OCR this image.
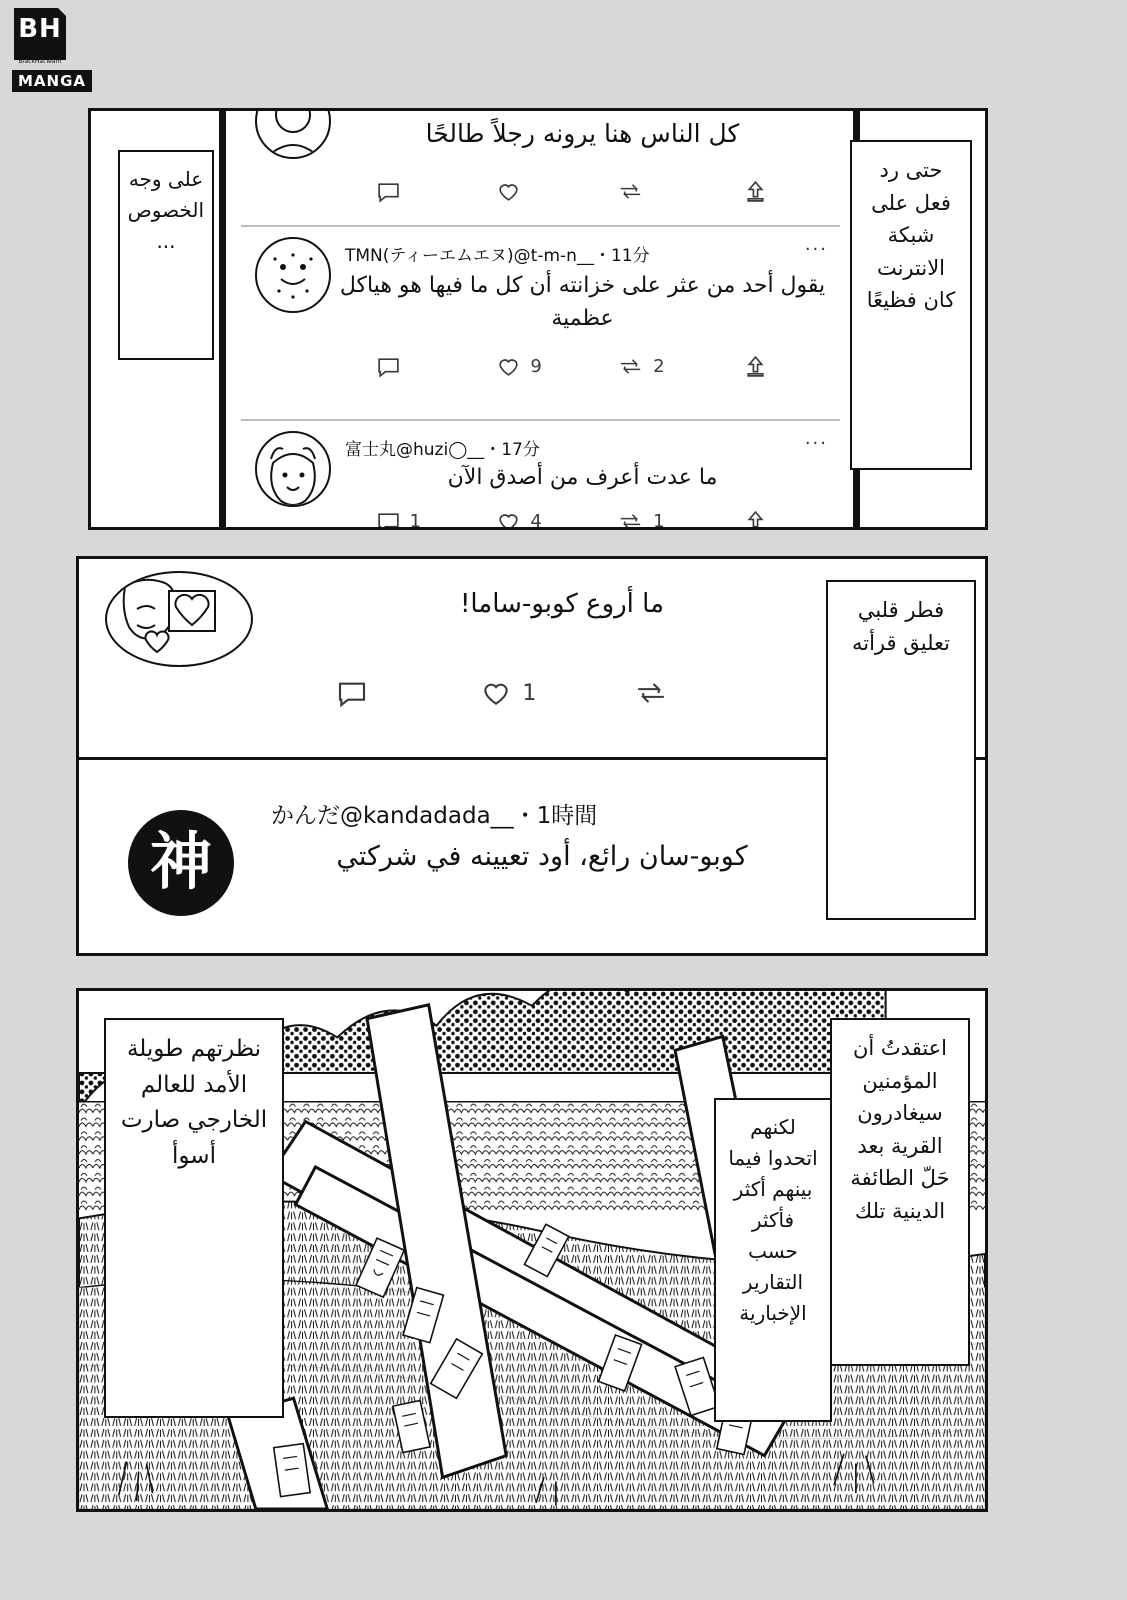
BH
BlackHatTeam
MANGA
كل الناس هنا يرونه رجلاً طالحًا
TMN(ティーエムエヌ)@t-m-n__・11分	···
يقول أحد من عثر على خزانته أن كل ما فيها هو هياكل عظمية
9	2
富士丸@huzi◯__・17分	···
ما عدت أعرف من أصدق الآن
1	4	1
على وجه الخصوص ...
حتى رد فعل على شبكة الانترنت كان فظيعًا
ما أروع كوبو-ساما!
1
かんだ@kandadada__・1時間
كوبو-سان رائع، أود تعيينه في شركتي
神
فطر قلبي تعليق قرأته
نظرتهم طويلة الأمد للعالم الخارجي صارت أسوأ
لكنهم اتحدوا فيما بينهم أكثر فأكثر حسب التقارير الإخبارية
اعتقدتُ أن المؤمنين سيغادرون القرية بعد حَلّ الطائفة الدينية تلك
